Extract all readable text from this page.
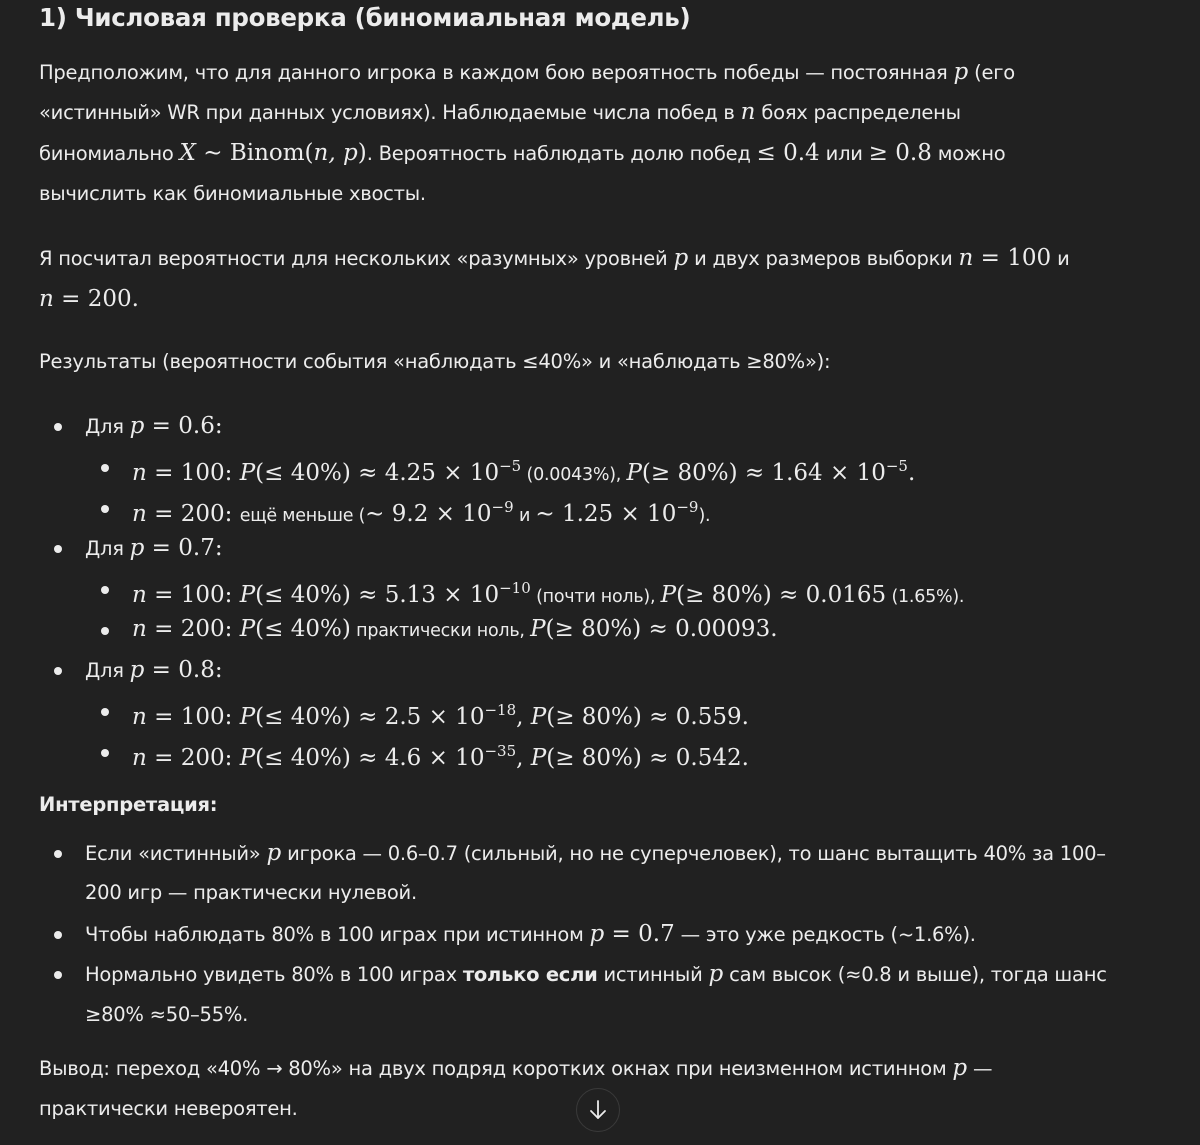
1) Числовая проверка (биномиальная модель)
Предположим, что для данного игрока в каждом бою вероятность победы — постоянная p (его
«истинный» WR при данных условиях). Наблюдаемые числа побед в n боях распределены
биномиально X ∼ Binom(n, p). Вероятность наблюдать долю побед ≤ 0.4 или ≥ 0.8 можно
вычислить как биномиальные хвосты.
Я посчитал вероятности для нескольких «разумных» уровней p и двух размеров выборки n = 100 и
n = 200.
Результаты (вероятности события «наблюдать ≤40%» и «наблюдать ≥80%»):
Для p = 0.6:
n = 100: $P(\le 40\%) \approx 4.25 \times 10^{-5}$ (0.0043%), $P(\ge 80\%) \approx 1.64 \times 10^{-5}$.
n = 200: ещё меньше (∼ $9.2 \times 10^{-9}$ и ∼ $1.25 \times 10^{-9}$).
Для p = 0.7:
n = 100: $P(\le 40\%) \approx 5.13 \times 10^{-10}$ (почти ноль), P(≥ 80%) ≈ 0.0165 (1.65%).
n = 200: P(≤ 40%) практически ноль, P(≥ 80%) ≈ 0.00093.
Для p = 0.8:
n = 100: $P(\le 40\%) \approx 2.5 \times 10^{-18}$, P(≥ 80%) ≈ 0.559.
n = 200: $P(\le 40\%) \approx 4.6 \times 10^{-35}$, P(≥ 80%) ≈ 0.542.
Интерпретация:
Если «истинный» p игрока — 0.6–0.7 (сильный, но не суперчеловек), то шанс вытащить 40% за 100–
200 игр — практически нулевой.
Чтобы наблюдать 80% в 100 играх при истинном p = 0.7 — это уже редкость (~1.6%).
Нормально увидеть 80% в 100 играх только если истинный p сам высок (≈0.8 и выше), тогда шанс
≥80% ≈50–55%.
Вывод: переход «40% → 80%» на двух подряд коротких окнах при неизменном истинном p —
практически невероятен.
